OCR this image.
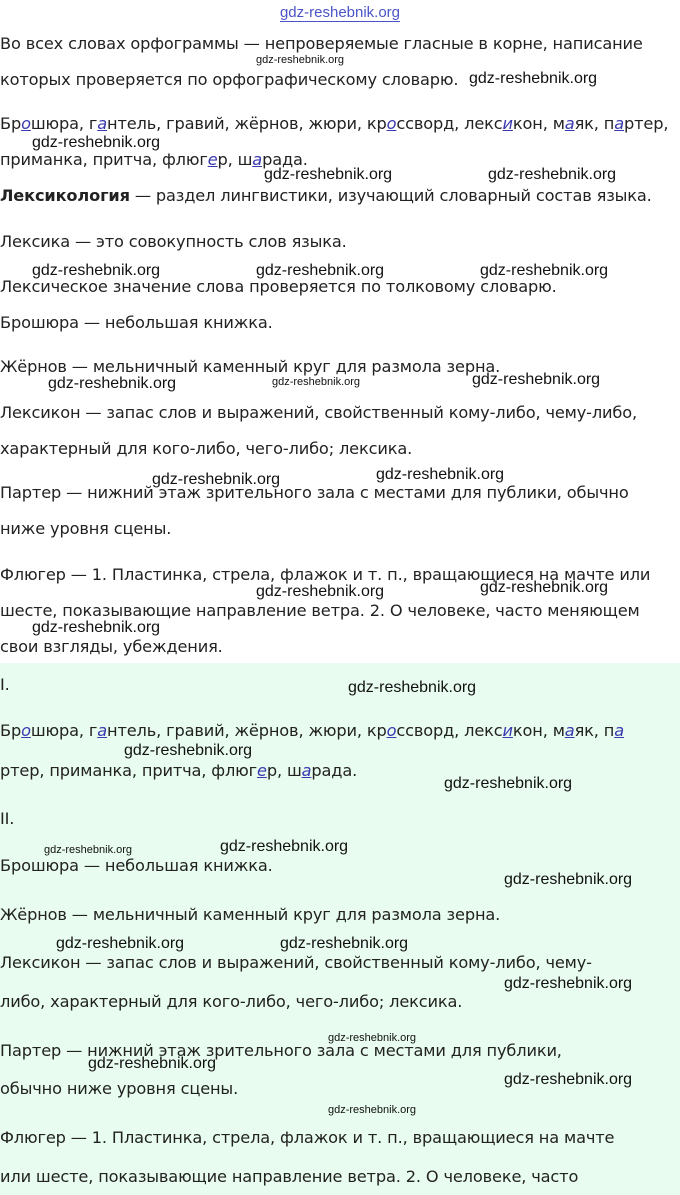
gdz-reshebnik.org
Во всех словах орфограммы — непроверяемые гласные в корне, написание которых проверяется по орфографическому словарю.
Брошюра, гантель, гравий, жёрнов, жюри, кроссворд, лексикон, маяк, партер,
приманка, притча, флюгер, шарада.
Лексикология — раздел лингвистики, изучающий словарный состав языка.
Лексика — это совокупность слов языка.
Лексическое значение слова проверяется по толковому словарю.
Брошюра — небольшая книжка.
Жёрнов — мельничный каменный круг для размола зерна.
Лексикон — запас слов и выражений, свойственный кому-либо, чему-либо, характерный для кого-либо, чего-либо; лексика.
Партер — нижний этаж зрительного зала с местами для публики, обычно ниже уровня сцены.
Флюгер — 1. Пластинка, стрела, флажок и т. п., вращающиеся на мачте или шесте, показывающие направление ветра. 2. О человеке, часто меняющем свои взгляды, убеждения.
I.
Брошюра, гантель, гравий, жёрнов, жюри, кроссворд, лексикон, маяк, па
ртер, приманка, притча, флюгер, шарада.
II.
Брошюра — небольшая книжка.
Жёрнов — мельничный каменный круг для размола зерна.
Лексикон — запас слов и выражений, свойственный кому-либо, чему-
либо, характерный для кого-либо, чего-либо; лексика.
Партер — нижний этаж зрительного зала с местами для публики,
обычно ниже уровня сцены.
Флюгер — 1. Пластинка, стрела, флажок и т. п., вращающиеся на мачте
или шесте, показывающие направление ветра. 2. О человеке, часто
gdz-reshebnik.org
gdz-reshebnik.org
gdz-reshebnik.org
gdz-reshebnik.org	gdz-reshebnik.org
gdz-reshebnik.org	gdz-reshebnik.org	gdz-reshebnik.org
gdz-reshebnik.org	gdz-reshebnik.org	gdz-reshebnik.org
gdz-reshebnik.org	gdz-reshebnik.org
gdz-reshebnik.org	gdz-reshebnik.org
gdz-reshebnik.org
gdz-reshebnik.org
gdz-reshebnik.org
gdz-reshebnik.org
gdz-reshebnik.org	gdz-reshebnik.org
gdz-reshebnik.org
gdz-reshebnik.org	gdz-reshebnik.org
gdz-reshebnik.org
gdz-reshebnik.org
gdz-reshebnik.org
gdz-reshebnik.org
gdz-reshebnik.org
